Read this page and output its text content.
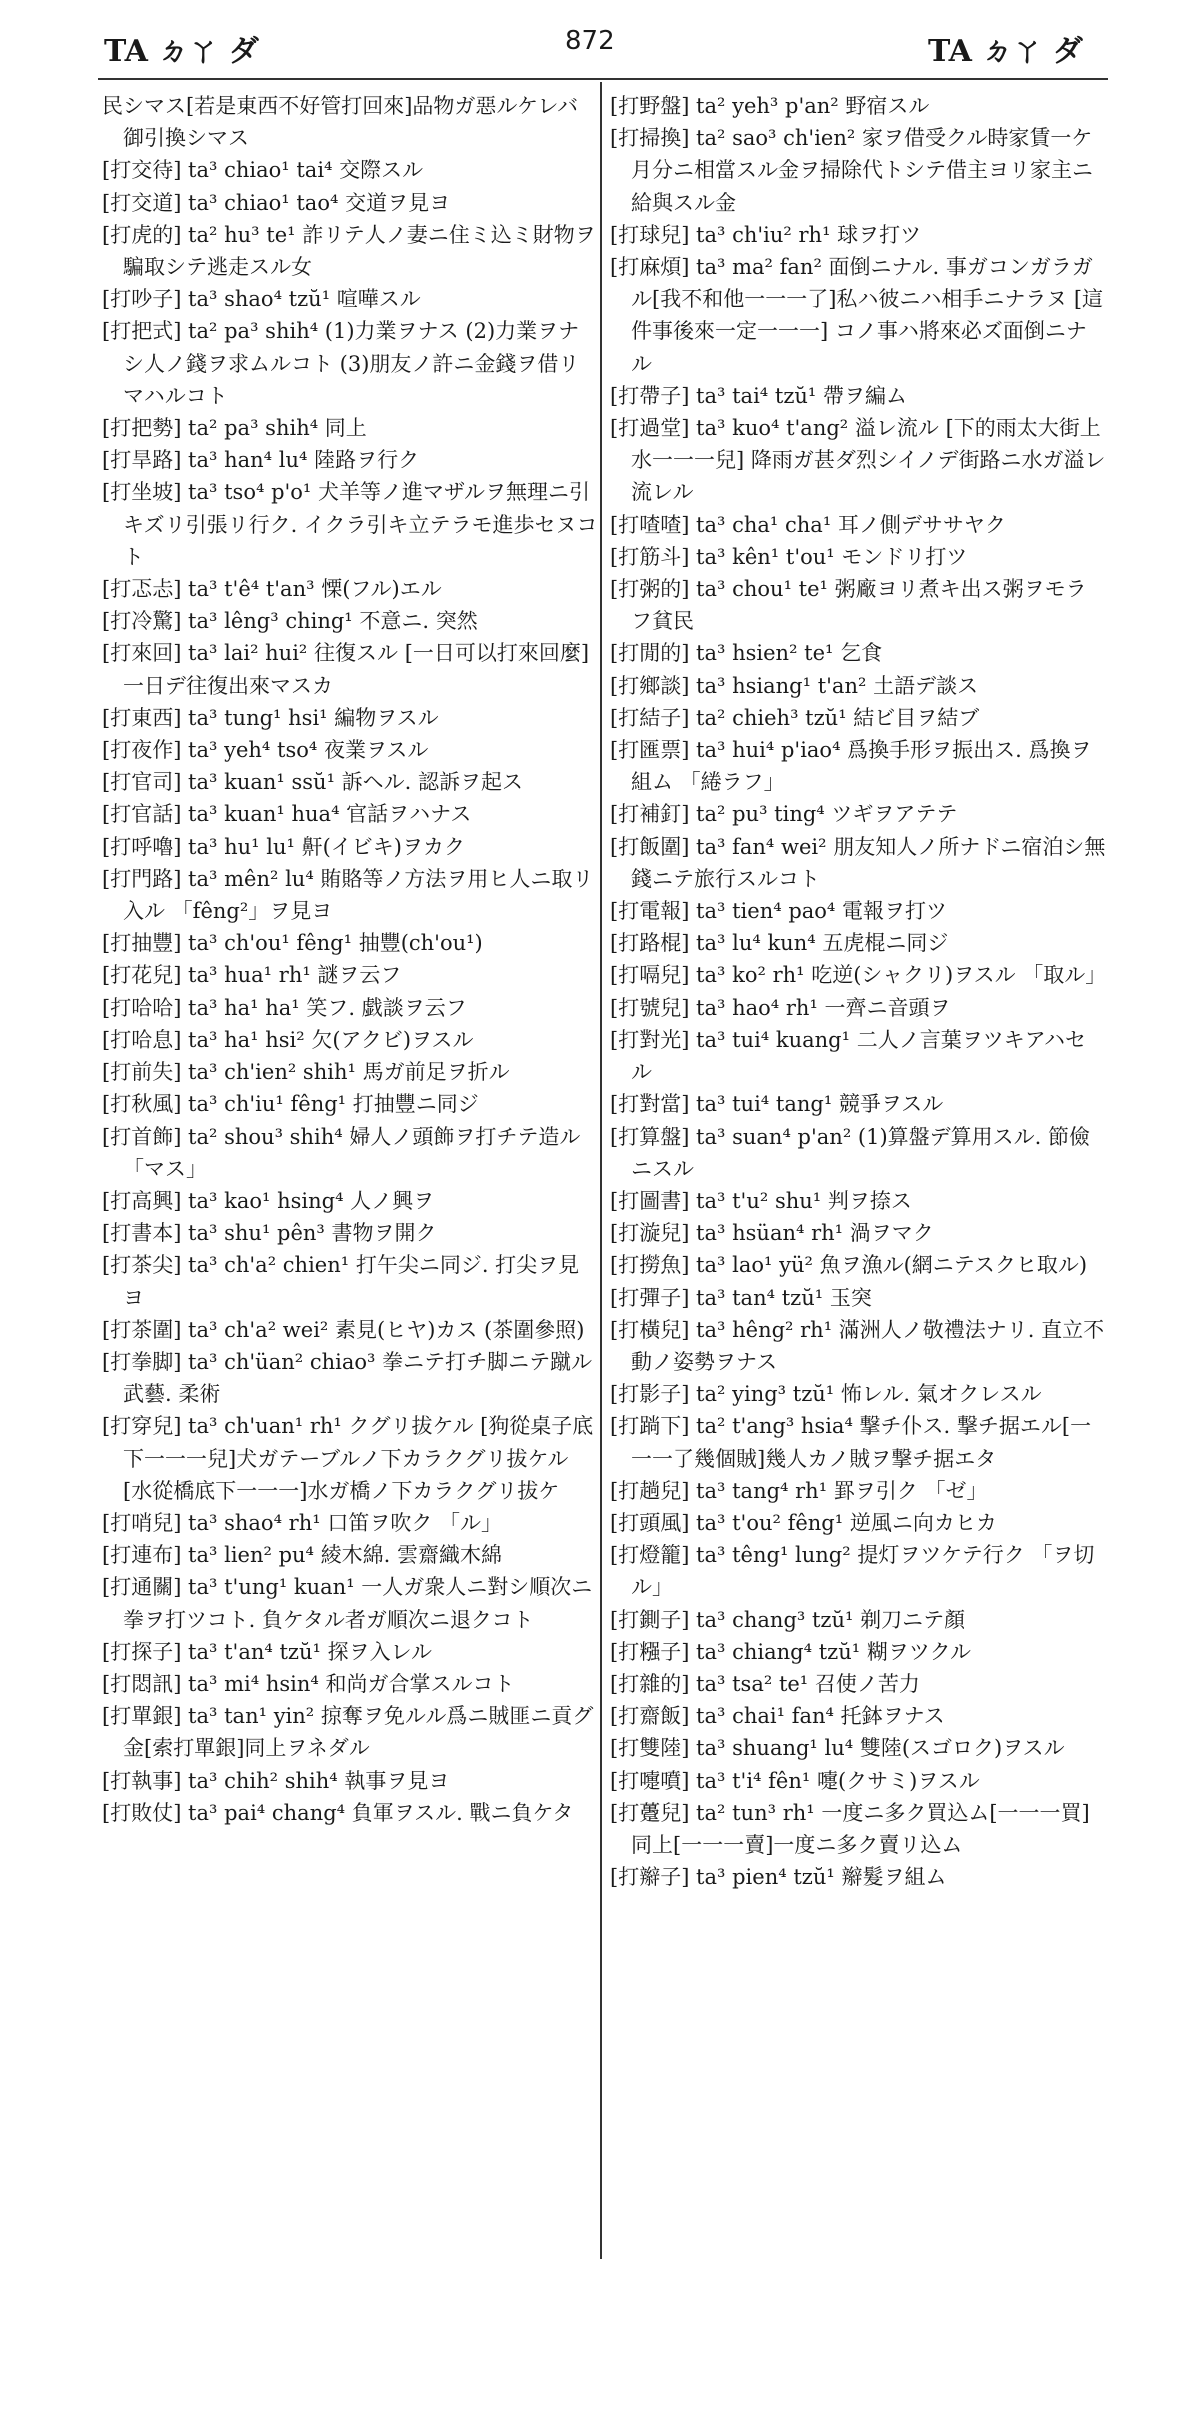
TA ㄉㄚ ダ	872	TA ㄉㄚ ダ
民シマス[若是東西不好管打回來]品物ガ惡ルケレバ御引換シマス
[打交待] ta³ chiao¹ tai⁴ 交際スル
[打交道] ta³ chiao¹ tao⁴ 交道ヲ見ヨ
[打虎的] ta² hu³ te¹ 詐リテ人ノ妻ニ住ミ込ミ財物ヲ騙取シテ逃走スル女
[打吵子] ta³ shao⁴ tzŭ¹ 喧嘩スル
[打把式] ta² pa³ shih⁴ (1)力業ヲナス (2)力業ヲナシ人ノ錢ヲ求ムルコト (3)朋友ノ許ニ金錢ヲ借リマハルコト
[打把勢] ta² pa³ shih⁴ 同上
[打旱路] ta³ han⁴ lu⁴ 陸路ヲ行ク
[打坐坡] ta³ tso⁴ p'o¹ 犬羊等ノ進マザルヲ無理ニ引キズリ引張リ行ク. イクラ引キ立テラモ進歩セヌコト
[打忑忐] ta³ t'ê⁴ t'an³ 慄(フル)エル
[打冷驚] ta³ lêng³ ching¹ 不意ニ. 突然
[打來回] ta³ lai² hui² 往復スル [一日可以打來回麼] 一日デ往復出來マスカ
[打東西] ta³ tung¹ hsi¹ 編物ヲスル
[打夜作] ta³ yeh⁴ tso⁴ 夜業ヲスル
[打官司] ta³ kuan¹ ssŭ¹ 訴ヘル. 認訴ヲ起ス
[打官話] ta³ kuan¹ hua⁴ 官話ヲハナス
[打呼嚕] ta³ hu¹ lu¹ 鼾(イビキ)ヲカク
[打門路] ta³ mên² lu⁴ 賄賂等ノ方法ヲ用ヒ人ニ取リ入ル 「fêng²」ヲ見ヨ
[打抽豐] ta³ ch'ou¹ fêng¹ 抽豐(ch'ou¹)
[打花兒] ta³ hua¹ rh¹ 謎ヲ云フ
[打哈哈] ta³ ha¹ ha¹ 笑フ. 戯談ヲ云フ
[打哈息] ta³ ha¹ hsi² 欠(アクビ)ヲスル
[打前失] ta³ ch'ien² shih¹ 馬ガ前足ヲ折ル
[打秋風] ta³ ch'iu¹ fêng¹ 打抽豐ニ同ジ
[打首飾] ta² shou³ shih⁴ 婦人ノ頭飾ヲ打チテ造ル 「マス」
[打高興] ta³ kao¹ hsing⁴ 人ノ興ヲ
[打書本] ta³ shu¹ pên³ 書物ヲ開ク
[打茶尖] ta³ ch'a² chien¹ 打午尖ニ同ジ. 打尖ヲ見ヨ
[打茶圍] ta³ ch'a² wei² 素見(ヒヤ)カス (茶圍參照)
[打拳脚] ta³ ch'üan² chiao³ 拳ニテ打チ脚ニテ蹴ル武藝. 柔術
[打穿兒] ta³ ch'uan¹ rh¹ クグリ拔ケル [狗從桌子底下一一一兒]犬ガテーブルノ下カラクグリ拔ケル [水從橋底下一一一]水ガ橋ノ下カラクグリ拔ケ
[打哨兒] ta³ shao⁴ rh¹ 口笛ヲ吹ク 「ル」
[打連布] ta³ lien² pu⁴ 綾木綿. 雲齋織木綿
[打通關] ta³ t'ung¹ kuan¹ 一人ガ衆人ニ對シ順次ニ拳ヲ打ツコト. 負ケタル者ガ順次ニ退クコト
[打探子] ta³ t'an⁴ tzŭ¹ 探ヲ入レル
[打悶訊] ta³ mi⁴ hsin⁴ 和尚ガ合掌スルコト
[打單銀] ta³ tan¹ yin² 掠奪ヲ免ルル爲ニ賊匪ニ貢グ金[索打單銀]同上ヲネダル
[打執事] ta³ chih² shih⁴ 執事ヲ見ヨ
[打敗仗] ta³ pai⁴ chang⁴ 負軍ヲスル. 戰ニ負ケタ
[打野盤] ta² yeh³ p'an² 野宿スル
[打掃換] ta² sao³ ch'ien² 家ヲ借受クル時家賃一ケ月分ニ相當スル金ヲ掃除代トシテ借主ヨリ家主ニ給與スル金
[打球兒] ta³ ch'iu² rh¹ 球ヲ打ツ
[打麻煩] ta³ ma² fan² 面倒ニナル. 事ガコンガラガル[我不和他一一一了]私ハ彼ニハ相手ニナラヌ [這件事後來一定一一一] コノ事ハ將來必ズ面倒ニナル
[打帶子] ta³ tai⁴ tzŭ¹ 帶ヲ編ム
[打過堂] ta³ kuo⁴ t'ang² 溢レ流ル [下的雨太大街上水一一一兒] 降雨ガ甚ダ烈シイノデ街路ニ水ガ溢レ流レル
[打喳喳] ta³ cha¹ cha¹ 耳ノ側デササヤク
[打筋斗] ta³ kên¹ t'ou¹ モンドリ打ツ
[打粥的] ta³ chou¹ te¹ 粥廠ヨリ煮キ出ス粥ヲモラフ貧民
[打閒的] ta³ hsien² te¹ 乞食
[打鄉談] ta³ hsiang¹ t'an² 土語デ談ス
[打結子] ta² chieh³ tzŭ¹ 結ビ目ヲ結ブ
[打匯票] ta³ hui⁴ p'iao⁴ 爲換手形ヲ振出ス. 爲換ヲ組ム 「綣ラフ」
[打補釘] ta² pu³ ting⁴ ツギヲアテテ
[打飯圍] ta³ fan⁴ wei² 朋友知人ノ所ナドニ宿泊シ無錢ニテ旅行スルコト
[打電報] ta³ tien⁴ pao⁴ 電報ヲ打ツ
[打路棍] ta³ lu⁴ kun⁴ 五虎棍ニ同ジ
[打嗝兒] ta³ ko² rh¹ 吃逆(シャクリ)ヲスル 「取ル」
[打號兒] ta³ hao⁴ rh¹ 一齊ニ音頭ヲ
[打對光] ta³ tui⁴ kuang¹ 二人ノ言葉ヲツキアハセル
[打對當] ta³ tui⁴ tang¹ 競爭ヲスル
[打算盤] ta³ suan⁴ p'an² (1)算盤デ算用スル. 節儉ニスル
[打圖書] ta³ t'u² shu¹ 判ヲ捺ス
[打漩兒] ta³ hsüan⁴ rh¹ 渦ヲマク
[打撈魚] ta³ lao¹ yü² 魚ヲ漁ル(網ニテスクヒ取ル)
[打彈子] ta³ tan⁴ tzŭ¹ 玉突
[打橫兒] ta³ hêng² rh¹ 滿洲人ノ敬禮法ナリ. 直立不動ノ姿勢ヲナス
[打影子] ta² ying³ tzŭ¹ 怖レル. 氣オクレスル
[打䠀下] ta² t'ang³ hsia⁴ 撃チ仆ス. 撃チ据エル[一一一了幾個賊]幾人カノ賊ヲ撃チ据エタ
[打趟兒] ta³ tang⁴ rh¹ 罫ヲ引ク 「ゼ」
[打頭風] ta³ t'ou² fêng¹ 逆風ニ向カヒカ
[打燈籠] ta³ têng¹ lung² 提灯ヲツケテ行ク 「ヲ切ル」
[打鍘子] ta³ chang³ tzŭ¹ 剃刀ニテ顏
[打糨子] ta³ chiang⁴ tzŭ¹ 糊ヲツクル
[打雜的] ta³ tsa² te¹ 召使ノ苦力
[打齋飯] ta³ chai¹ fan⁴ 托鉢ヲナス
[打雙陸] ta³ shuang¹ lu⁴ 雙陸(スゴロク)ヲスル
[打嚏噴] ta³ t'i⁴ fên¹ 嚏(クサミ)ヲスル
[打躉兒] ta² tun³ rh¹ 一度ニ多ク買込ム[一一一買]同上[一一一賣]一度ニ多ク賣リ込ム
[打辮子] ta³ pien⁴ tzŭ¹ 辮髮ヲ組ム
